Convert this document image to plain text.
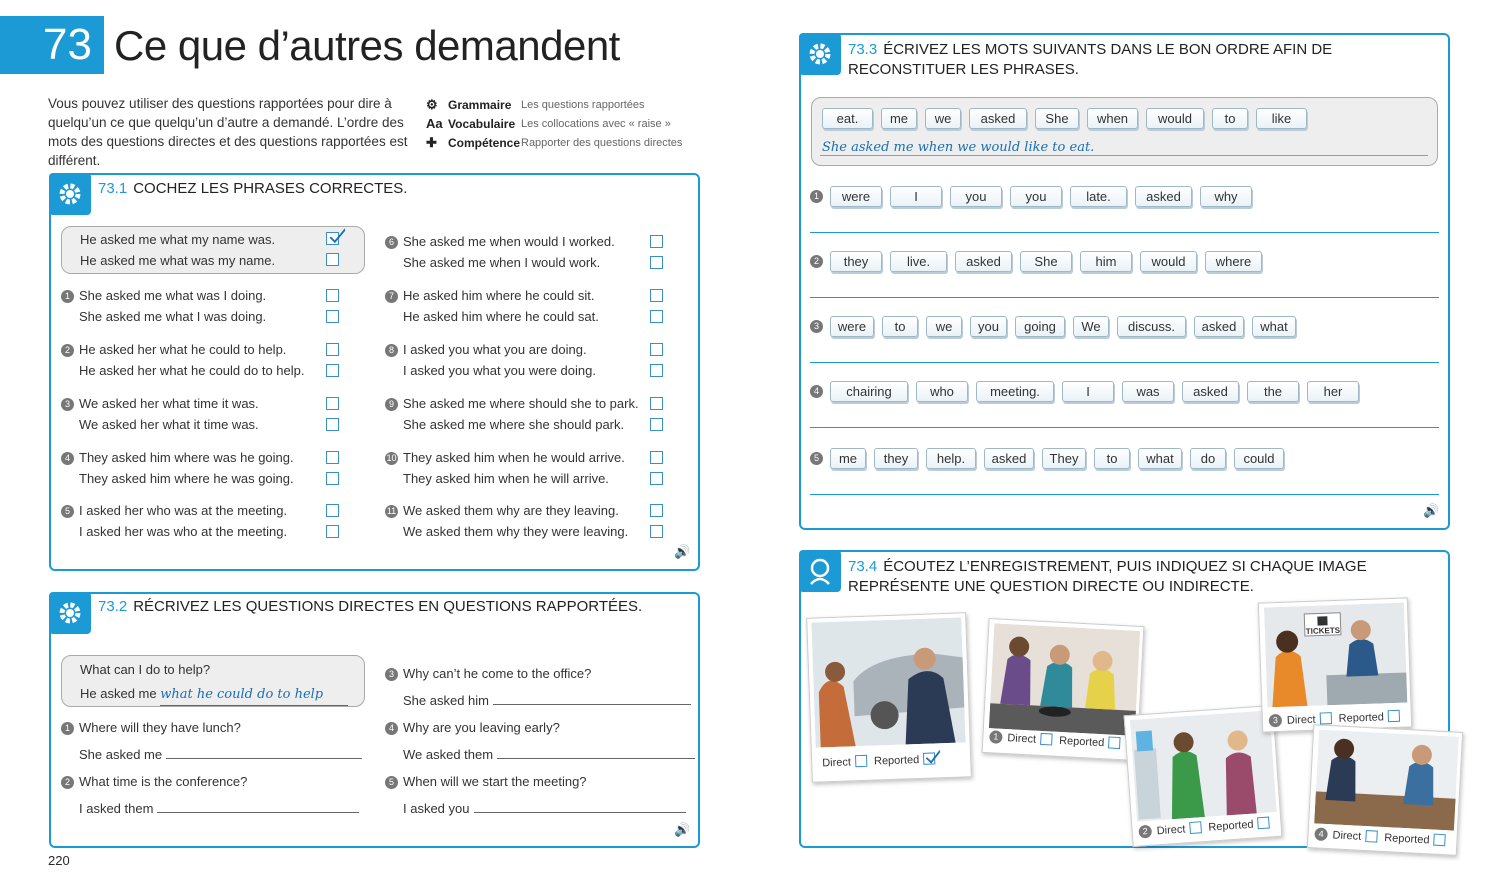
73 Ce que d’autres demandent
Vous pouvez utiliser des questions rapportées pour dire à quelqu’un ce que quelqu’un d’autre a demandé. L’ordre des mots des questions directes et des questions rapportées est différent.
⚙ Grammaire Les questions rapportées
Aa Vocabulaire Les collocations avec « raise »
✚ Compétence Rapporter des questions directes
73.1 COCHEZ LES PHRASES CORRECTES.
He asked me what my name was.
He asked me what was my name.
1 She asked me what was I doing.
She asked me what I was doing.
2 He asked her what he could to help.
He asked her what he could do to help.
3 We asked her what time it was.
We asked her what it time was.
4 They asked him where was he going.
They asked him where he was going.
5 I asked her who was at the meeting.
I asked her was who at the meeting.
6 She asked me when would I worked.
She asked me when I would work.
7 He asked him where he could sit.
He asked him where he could sat.
8 I asked you what you are doing.
I asked you what you were doing.
9 She asked me where should she to park.
She asked me where she should park.
10 They asked him when he would arrive.
They asked him when he will arrive.
11 We asked them why are they leaving.
We asked them why they were leaving.
🔊
73.2 RÉCRIVEZ LES QUESTIONS DIRECTES EN QUESTIONS RAPPORTÉES.
What can I do to help?
He asked me what he could do to help
1 Where will they have lunch?
She asked me
2 What time is the conference?
I asked them
3 Why can’t he come to the office?
She asked him
4 Why are you leaving early?
We asked them
5 When will we start the meeting?
I asked you
🔊
220
73.3 ÉCRIVEZ LES MOTS SUIVANTS DANS LE BON ORDRE AFIN DE
RECONSTITUER LES PHRASES.
eat.	me	we	asked	She	when	would	to	like
She asked me when we would like to eat.
1	were	I	you	you	late.	asked	why
2	they	live.	asked	She	him	would	where
3	were	to	we	you	going	We	discuss.	asked	what
4	chairing	who	meeting.	I	was	asked	the	her
5	me	they	help.	asked	They	to	what	do	could
🔊
73.4 ÉCOUTEZ L’ENREGISTREMENT, PUIS INDIQUEZ SI CHAQUE IMAGE
REPRÉSENTE UNE QUESTION DIRECTE OU INDIRECTE.
Direct Reported
1 Direct Reported
2 Direct Reported
TICKETS
3 Direct Reported
4 Direct Reported
